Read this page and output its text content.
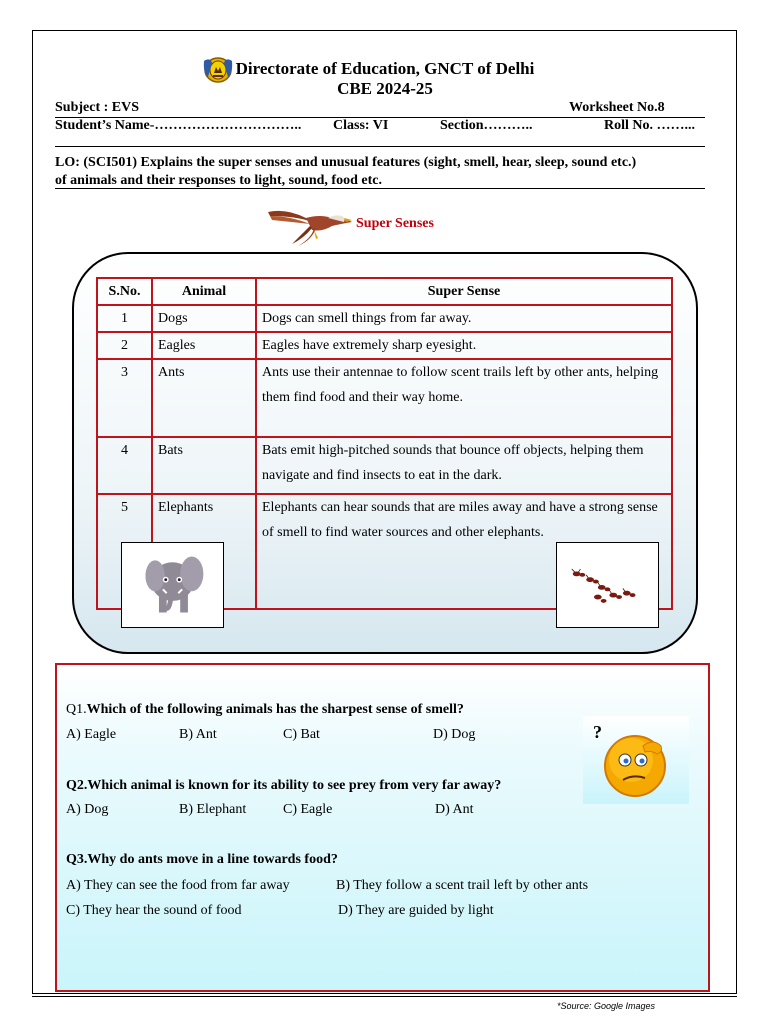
Directorate of Education, GNCT of Delhi
CBE 2024-25
Subject : EVS	Worksheet No.8
Student’s Name-………………………….. Class: VI	Section………..	Roll No. ……...
LO: (SCI501) Explains the super senses and unusual features (sight, smell, hear, sleep, sound etc.)
of animals and their responses to light, sound, food etc.
Super Senses
S.No.	Animal	Super Sense
1	Dogs	Dogs can smell things from far away.
2	Eagles	Eagles have extremely sharp eyesight.
3	Ants	Ants use their antennae to follow scent trails left by other ants, helping them find food and their way home.
4	Bats	Bats emit high-pitched sounds that bounce off objects, helping them navigate and find insects to eat in the dark.
5	Elephants	Elephants can hear sounds that are miles away and have a strong sense of smell to find water sources and other elephants.
Q1.Which of the following animals has the sharpest sense of smell?
A) Eagle	B) Ant	C) Bat	D) Dog
Q2.Which animal is known for its ability to see prey from very far away?
A) Dog	B) Elephant	C) Eagle	D) Ant
Q3.Why do ants move in a line towards food?
A) They can see the food from far away	B) They follow a scent trail left by other ants
C) They hear the sound of food	D) They are guided by light
?
*Source: Google Images
